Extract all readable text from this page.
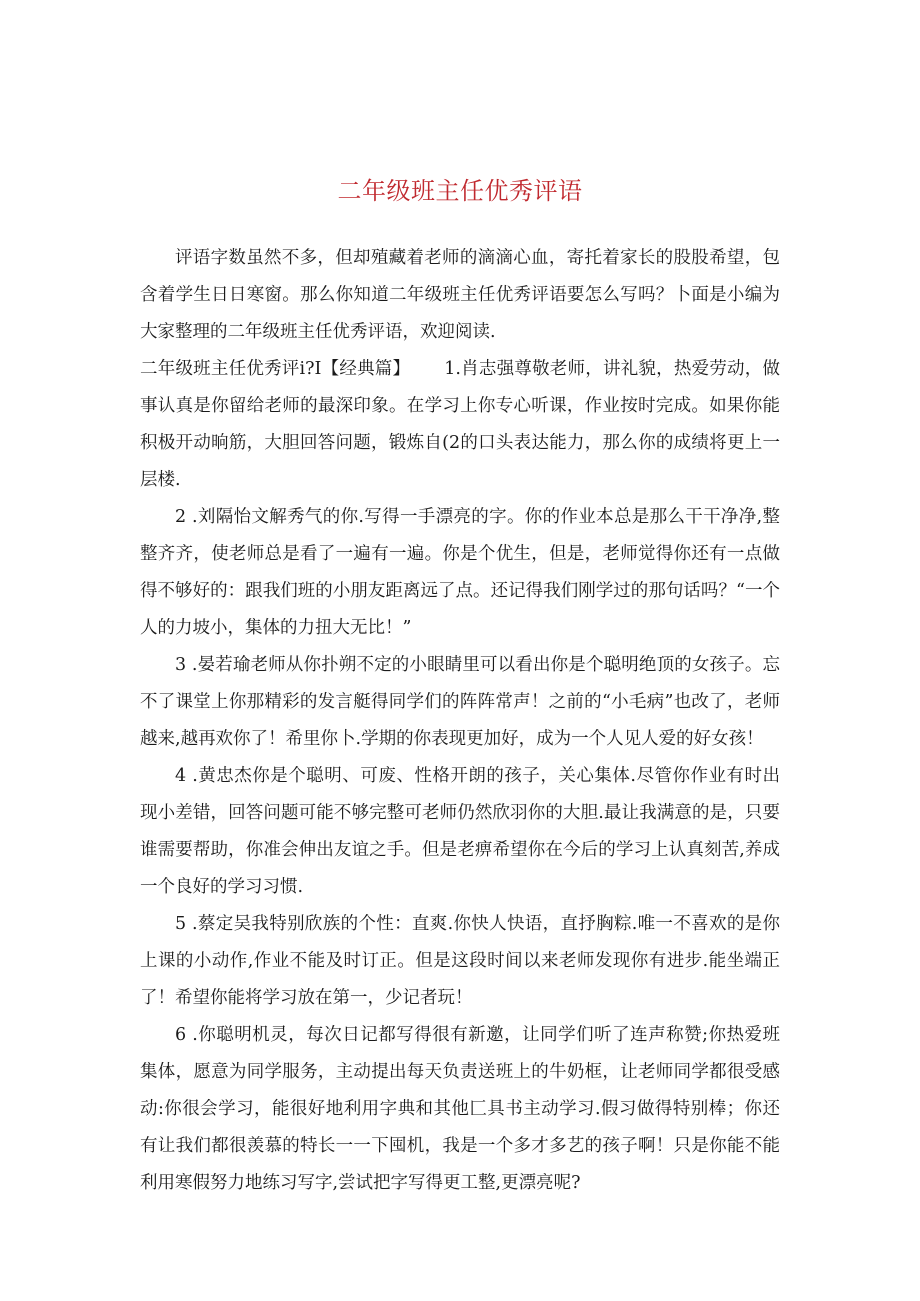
二年级班主任优秀评语

评语字数虽然不多，但却殖藏着老师的滴滴心血，寄托着家长的股股希望，包含着学生日日寒窗。那么你知道二年级班主任优秀评语要怎么写吗？卜面是小编为大家整理的二年级班主任优秀评语，欢迎阅读.

二年级班主任优秀评i?I【经典篇】 1.肖志强尊敬老师，讲礼貌，热爱劳动，做事认真是你留给老师的最深印象。在学习上你专心听课，作业按时完成。如果你能积极开动晌筋，大胆回答问题，锻炼自(2的口头表达能力，那么你的成绩将更上一层楼.

2 .刘隔怡文解秀气的你.写得一手漂亮的字。你的作业本总是那么干干净净,整整齐齐，使老师总是看了一遍有一遍。你是个优生，但是，老师觉得你还有一点做得不够好的：跟我们班的小朋友距离远了点。还记得我们刚学过的那句话吗？“一个人的力坡小，集体的力扭大无比！”

3 .晏若瑜老师从你扑朔不定的小眼睛里可以看出你是个聪明绝顶的女孩子。忘不了课堂上你那精彩的发言艇得同学们的阵阵常声！之前的“小毛病”也改了，老师越来,越再欢你了！希里你卜.学期的你表现更加好，成为一个人见人爱的好女孩！

4 .黄忠杰你是个聪明、可废、性格开朗的孩子，关心集体.尽管你作业有时出现小差错，回答问题可能不够完整可老师仍然欣羽你的大胆.最让我满意的是，只要谁需要帮助，你准会伸出友谊之手。但是老痹希望你在今后的学习上认真刻苦,养成一个良好的学习习惯.

5 .蔡定吴我特别欣族的个性：直爽.你快人快语，直抒胸粽.唯一不喜欢的是你上课的小动作,作业不能及时订正。但是这段时间以来老师发现你有进步.能坐端正了！希望你能将学习放在第一，少记者玩！

6 .你聪明机灵，每次日记都写得很有新邀，让同学们听了连声称赞;你热爱班集体，愿意为同学服务，主动提出每天负责送班上的牛奶框，让老师同学都很受感动:你很会学习，能很好地利用字典和其他匚具书主动学习.假习做得特别棒；你还有让我们都很羡慕的特长一一下囤机，我是一个多才多艺的孩子啊！只是你能不能利用寒假努力地练习写字,尝试把字写得更工整,更漂亮呢?
